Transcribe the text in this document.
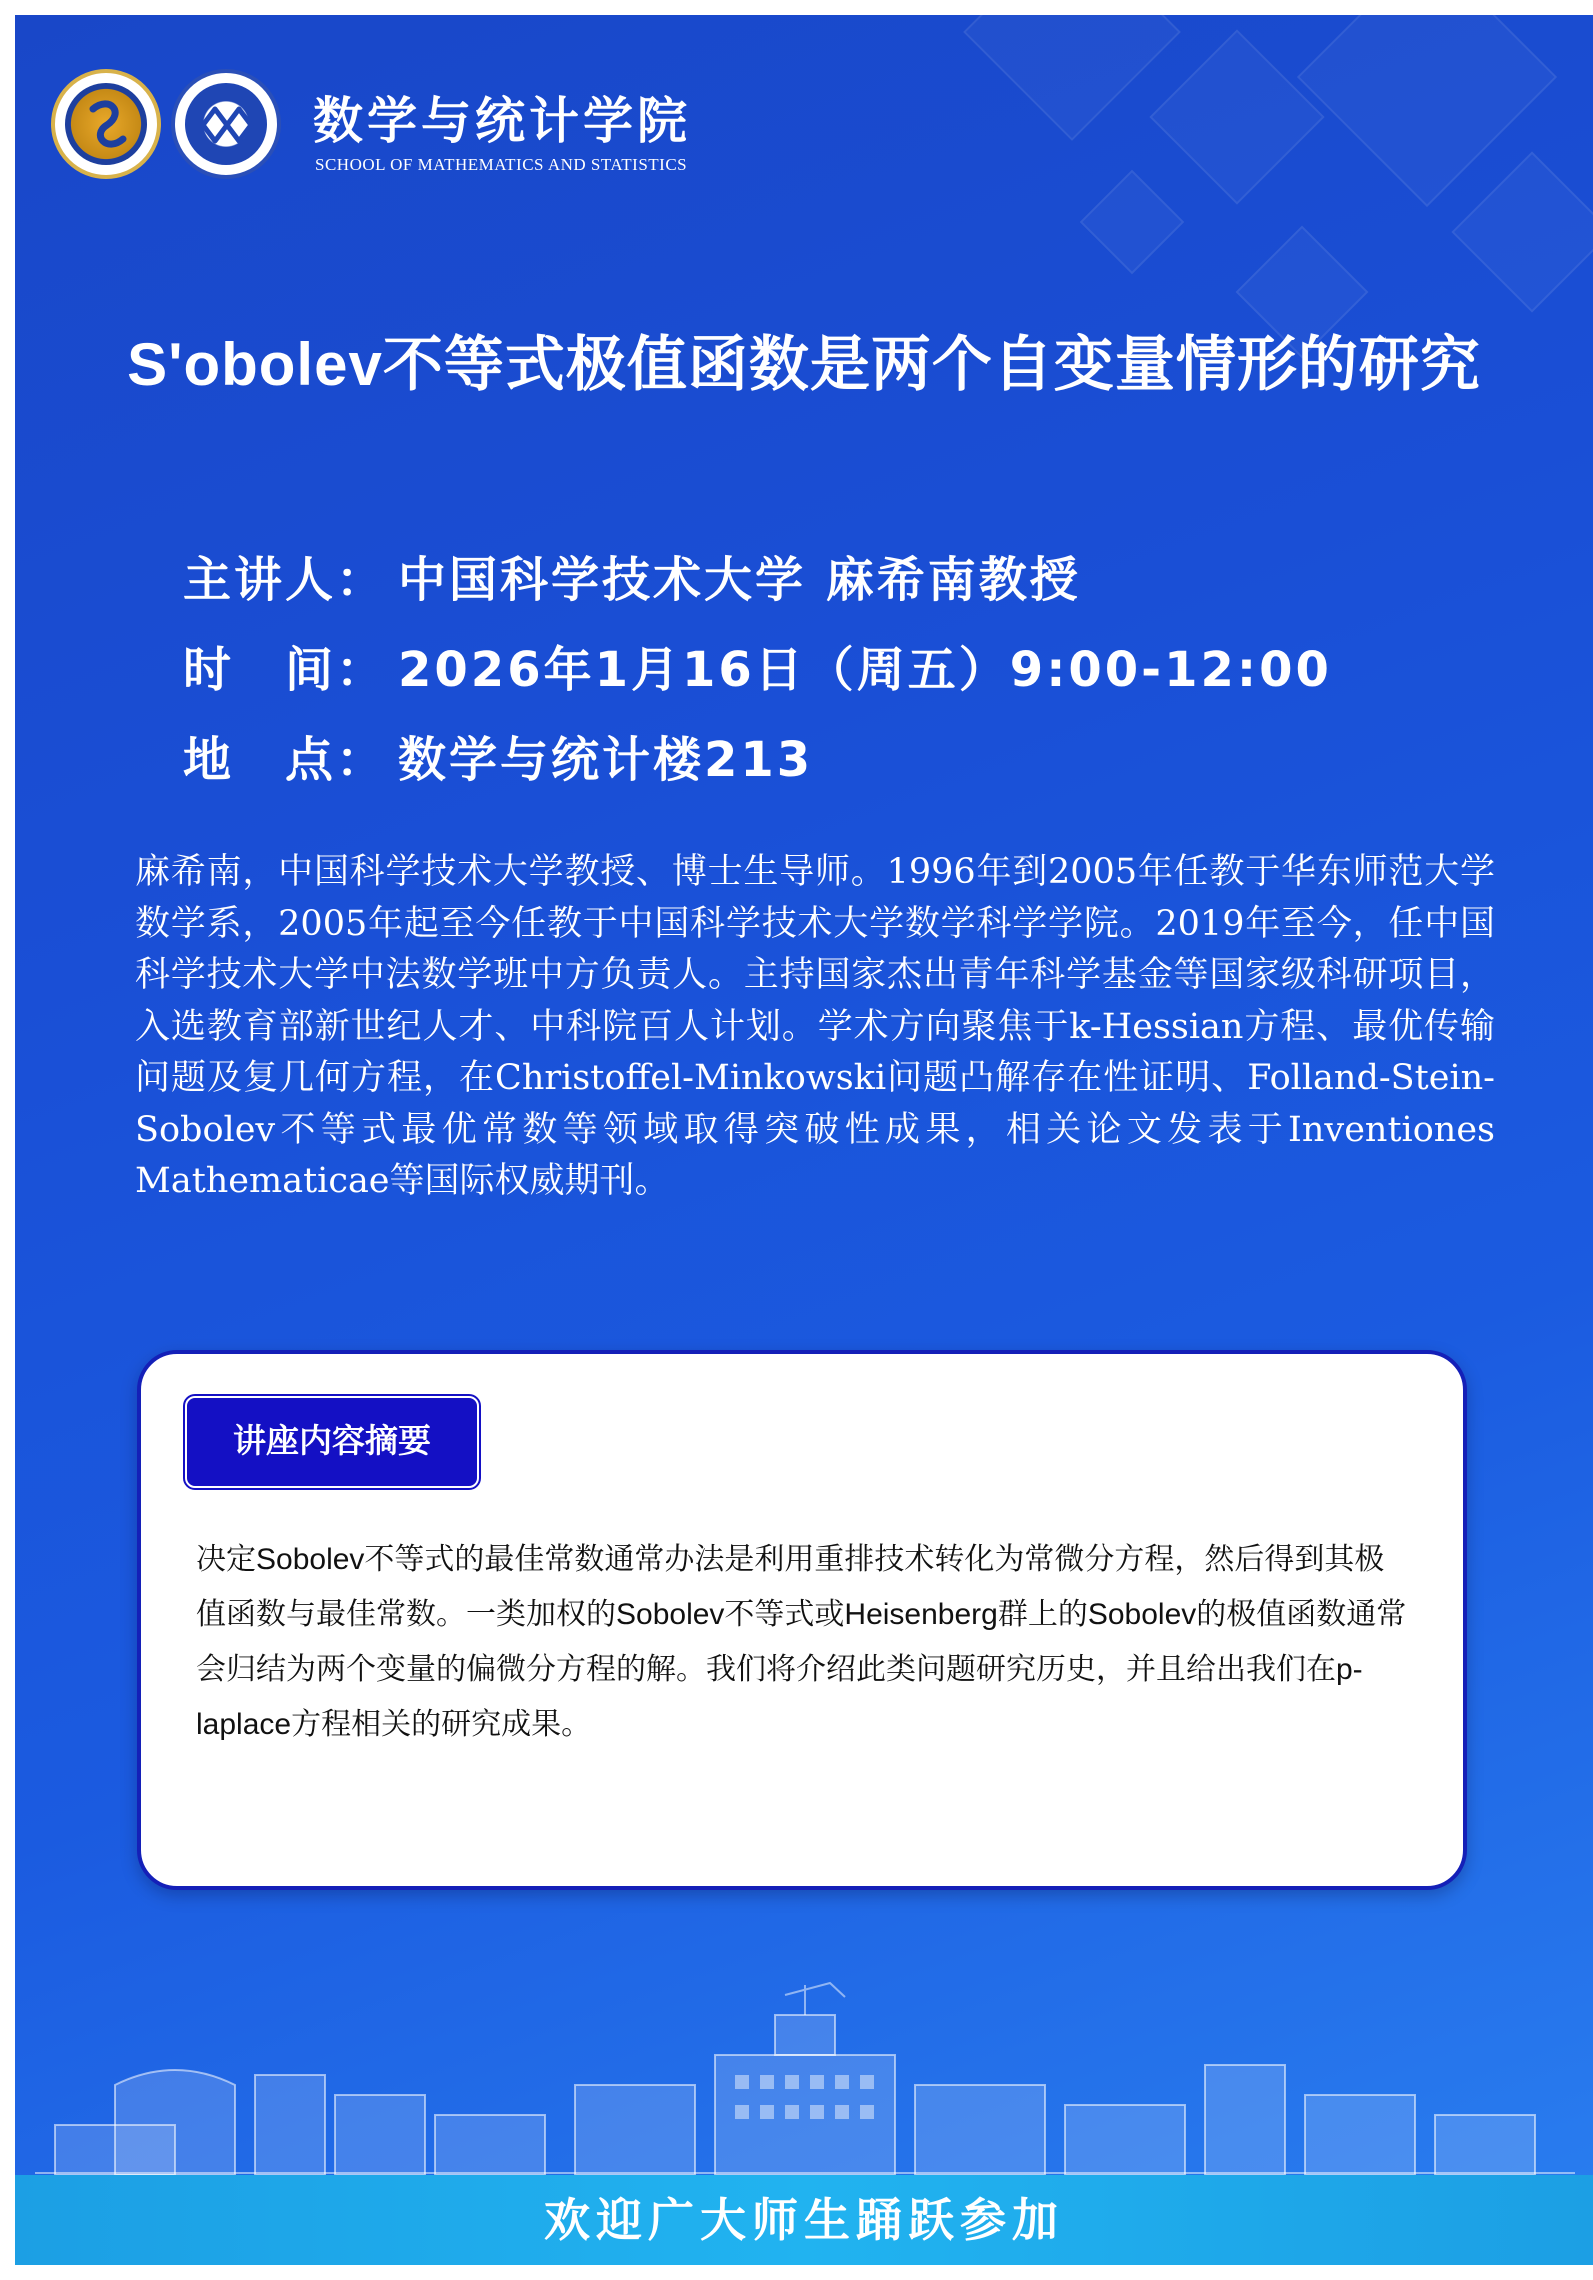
数学与统计学院
SCHOOL OF MATHEMATICS AND STATISTICS
S'obolev不等式极值函数是两个自变量情形的研究
主讲人： 中国科学技术大学 麻希南教授
时　间： 2026年1月16日（周五）9:00-12:00
地　点： 数学与统计楼213
麻希南，中国科学技术大学教授、博士生导师。1996年到2005年任教于华东师范大学数学系，2005年起至今任教于中国科学技术大学数学科学学院。2019年至今，任中国科学技术大学中法数学班中方负责人。主持国家杰出青年科学基金等国家级科研项目，入选教育部新世纪人才、中科院百人计划。学术方向聚焦于k-Hessian方程、最优传输问题及复几何方程，在Christoffel-Minkowski问题凸解存在性证明、Folland-Stein-Sobolev不等式最优常数等领域取得突破性成果，相关论文发表于Inventiones Mathematicae等国际权威期刊。
讲座内容摘要
决定Sobolev不等式的最佳常数通常办法是利用重排技术转化为常微分方程，然后得到其极值函数与最佳常数。一类加权的Sobolev不等式或Heisenberg群上的Sobolev的极值函数通常会归结为两个变量的偏微分方程的解。我们将介绍此类问题研究历史，并且给出我们在p-laplace方程相关的研究成果。
欢迎广大师生踊跃参加
